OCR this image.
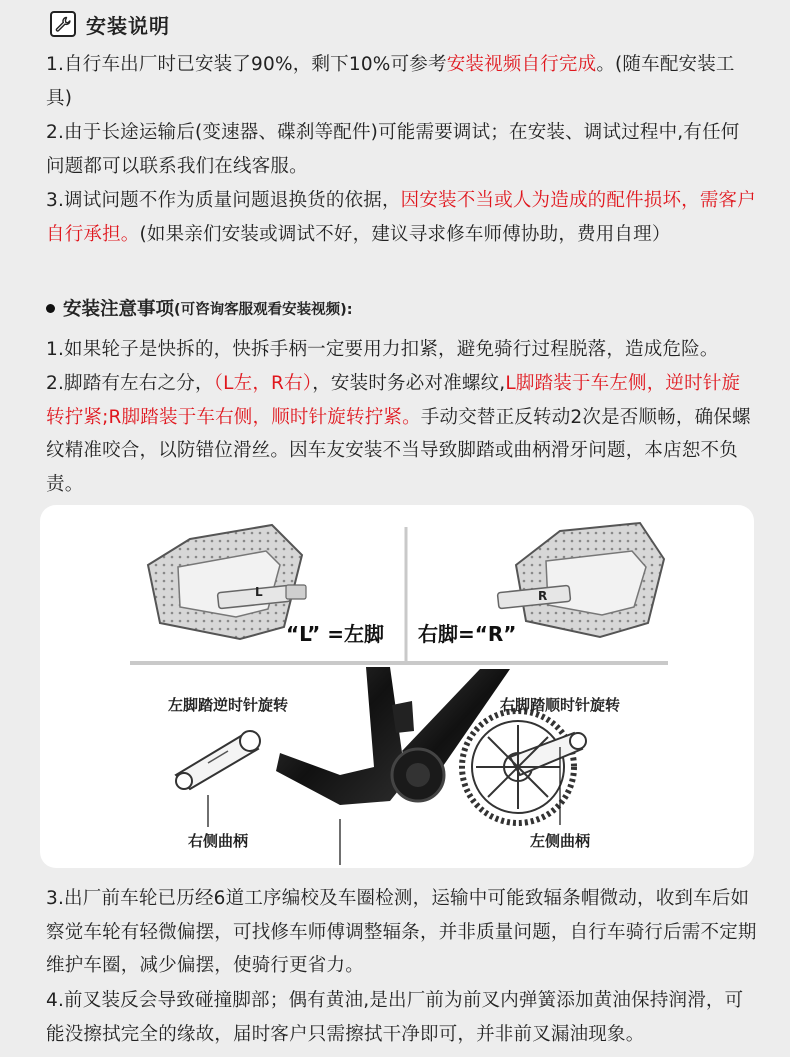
安装说明
1.自行车出厂时已安装了90%，剩下10%可参考安装视频自行完成。(随车配安装工具)
2.由于长途运输后(变速器、碟刹等配件)可能需要调试；在安装、调试过程中,有任何问题都可以联系我们在线客服。
3.调试问题不作为质量问题退换货的依据，因安装不当或人为造成的配件损坏，需客户自行承担。(如果亲们安装或调试不好，建议寻求修车师傅协助，费用自理）
安装注意事项 (可咨询客服观看安装视频):
1.如果轮子是快拆的，快拆手柄一定要用力扣紧，避免骑行过程脱落，造成危险。
2.脚踏有左右之分，（L左，R右），安装时务必对准螺纹,L脚踏装于车左侧，逆时针旋转拧紧;R脚踏装于车右侧，顺时针旋转拧紧。手动交替正反转动2次是否顺畅，确保螺纹精准咬合，以防错位滑丝。因车友安装不当导致脚踏或曲柄滑牙问题，本店恕不负责。
“L” =左脚 右脚=“R”
L	R
左脚踏逆时针旋转	右脚踏顺时针旋转
右侧曲柄	左侧曲柄
3.出厂前车轮已历经6道工序编校及车圈检测，运输中可能致辐条帽微动，收到车后如察觉车轮有轻微偏摆，可找修车师傅调整辐条，并非质量问题，自行车骑行后需不定期维护车圈，减少偏摆，使骑行更省力。
4.前叉装反会导致碰撞脚部；偶有黄油,是出厂前为前叉内弹簧添加黄油保持润滑，可能没擦拭完全的缘故，届时客户只需擦拭干净即可，并非前叉漏油现象。
